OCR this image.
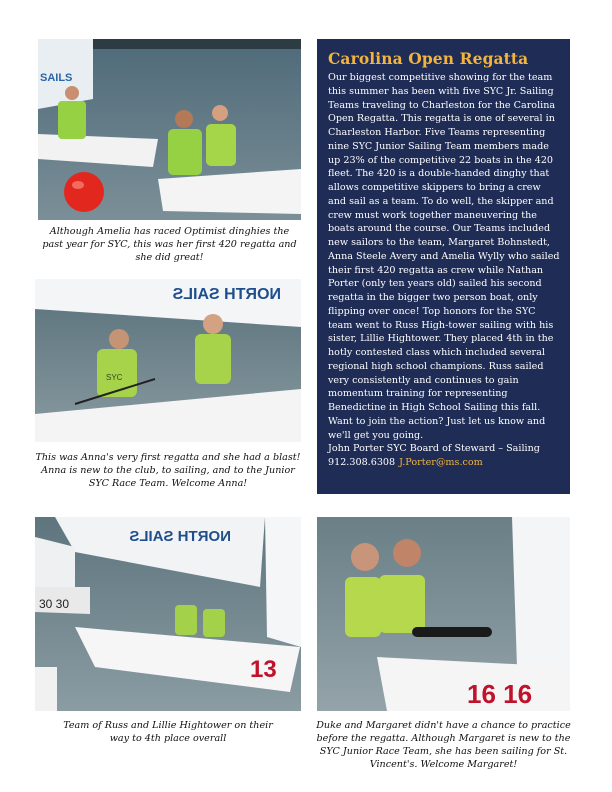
SAILS
Although Amelia has raced Optimist dinghies the past year for SYC, this was her first 420 regatta and she did great!
NORTH SAILS
SYC
This was Anna's very first regatta and she had a blast! Anna is new to the club, to sailing, and to the Junior SYC Race Team. Welcome Anna!
Carolina Open Regatta

Our biggest competitive showing for the team this summer has been with five SYC Jr. Sailing Teams traveling to Charleston for the Carolina Open Regatta. This regatta is one of several in Charleston Harbor. Five Teams representing nine SYC Junior Sailing Team members made up 23% of the competitive 22 boats in the 420 fleet. The 420 is a double-handed dinghy that allows competitive skippers to bring a crew and sail as a team. To do well, the skipper and crew must work together maneuvering the boats around the course. Our Teams included new sailors to the team, Margaret Bohnstedt, Anna Steele Avery and Amelia Wylly who sailed their first 420 regatta as crew while Nathan Porter (only ten years old) sailed his second regatta in the bigger two person boat, only flipping over once! Top honors for the SYC team went to Russ High-tower sailing with his sister, Lillie Hightower. They placed 4th in the hotly contested class which included several regional high school champions. Russ sailed very consistently and continues to gain momentum training for representing Benedictine in High School Sailing this fall.

Want to join the action? Just let us know and we'll get you going.

John Porter SYC Board of Steward – Sailing

912.308.6308 J.Porter@ms.com

NORTH SAILS
30 30
13
Team of Russ and Lillie Hightower on their way to 4th place overall
16 16
Duke and Margaret didn't have a chance to practice before the regatta. Although Margaret is new to the SYC Junior Race Team, she has been sailing for St. Vincent's. Welcome Margaret!
